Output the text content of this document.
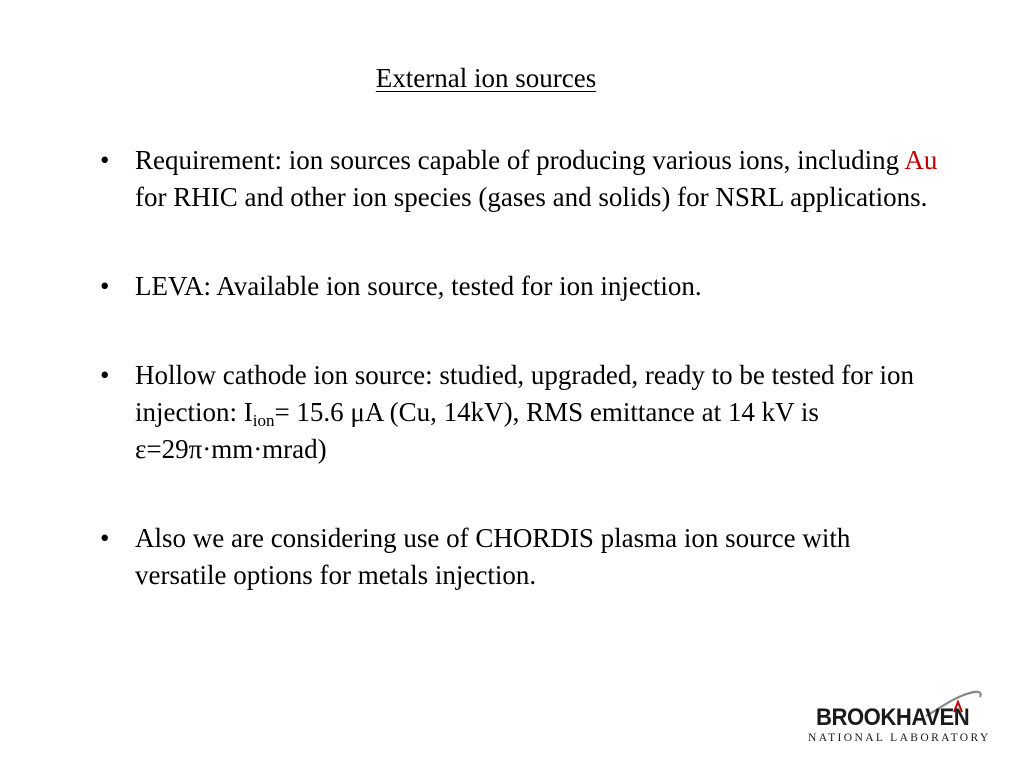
External ion sources
• Requirement: ion sources capable of producing various ions, including Au for RHIC and other ion species (gases and solids) for NSRL applications.
• LEVA: Available ion source, tested for ion injection.
• Hollow cathode ion source: studied, upgraded, ready to be tested for ion injection: $I_{ion}= 15.6$ μA (Cu, 14kV), RMS emittance at 14 kV is ε=29π·mm·mrad)
• Also we are considering use of CHORDIS plasma ion source with versatile options for metals injection.
BROOKHAVEN
NATIONAL LABORATORY
